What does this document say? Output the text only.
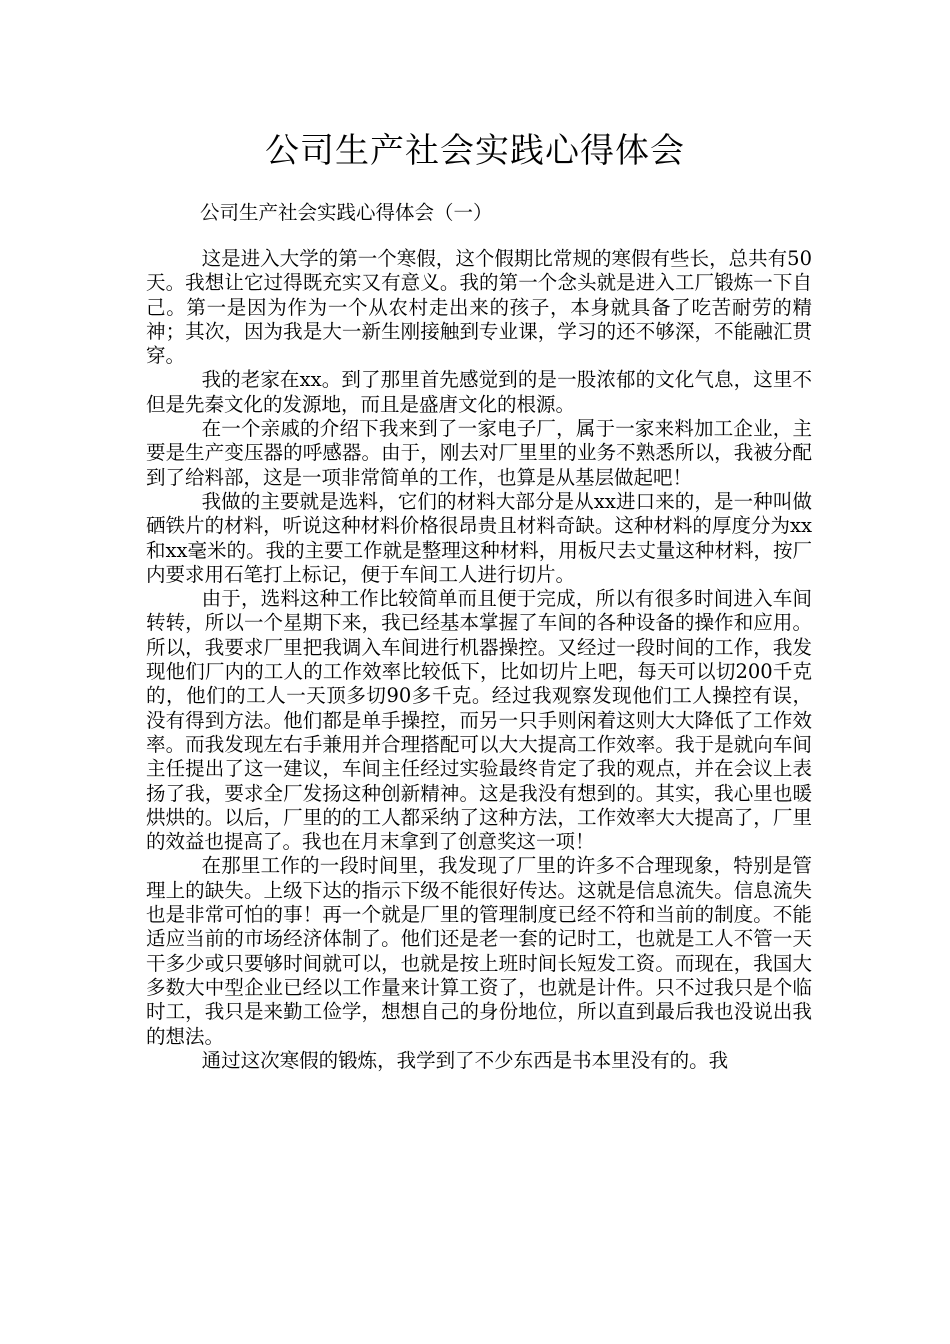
公司生产社会实践心得体会
公司生产社会实践心得体会（一）

这是进入大学的第一个寒假，这个假期比常规的寒假有些长，总共有50天。我想让它过得既充实又有意义。我的第一个念头就是进入工厂锻炼一下自己。第一是因为作为一个从农村走出来的孩子，本身就具备了吃苦耐劳的精神；其次，因为我是大一新生刚接触到专业课，学习的还不够深，不能融汇贯穿。

我的老家在xx。到了那里首先感觉到的是一股浓郁的文化气息，这里不但是先秦文化的发源地，而且是盛唐文化的根源。

在一个亲戚的介绍下我来到了一家电子厂，属于一家来料加工企业，主要是生产变压器的呼感器。由于，刚去对厂里里的业务不熟悉所以，我被分配到了给料部，这是一项非常简单的工作，也算是从基层做起吧！

我做的主要就是选料，它们的材料大部分是从xx进口来的，是一种叫做硒铁片的材料，听说这种材料价格很昂贵且材料奇缺。这种材料的厚度分为xx和xx毫米的。我的主要工作就是整理这种材料，用板尺去丈量这种材料，按厂内要求用石笔打上标记，便于车间工人进行切片。

由于，选料这种工作比较简单而且便于完成，所以有很多时间进入车间转转，所以一个星期下来，我已经基本掌握了车间的各种设备的操作和应用。所以，我要求厂里把我调入车间进行机器操控。又经过一段时间的工作，我发现他们厂内的工人的工作效率比较低下，比如切片上吧，每天可以切200千克的，他们的工人一天顶多切90多千克。经过我观察发现他们工人操控有误，没有得到方法。他们都是单手操控，而另一只手则闲着这则大大降低了工作效率。而我发现左右手兼用并合理搭配可以大大提高工作效率。我于是就向车间主任提出了这一建议，车间主任经过实验最终肯定了我的观点，并在会议上表扬了我，要求全厂发扬这种创新精神。这是我没有想到的。其实，我心里也暖烘烘的。以后，厂里的的工人都采纳了这种方法，工作效率大大提高了，厂里的效益也提高了。我也在月末拿到了创意奖这一项！

在那里工作的一段时间里，我发现了厂里的许多不合理现象，特别是管理上的缺失。上级下达的指示下级不能很好传达。这就是信息流失。信息流失也是非常可怕的事！再一个就是厂里的管理制度已经不符和当前的制度。不能适应当前的市场经济体制了。他们还是老一套的记时工，也就是工人不管一天干多少或只要够时间就可以，也就是按上班时间长短发工资。而现在，我国大多数大中型企业已经以工作量来计算工资了，也就是计件。只不过我只是个临时工，我只是来勤工俭学，想想自己的身份地位，所以直到最后我也没说出我的想法。

通过这次寒假的锻炼，我学到了不少东西是书本里没有的。我
